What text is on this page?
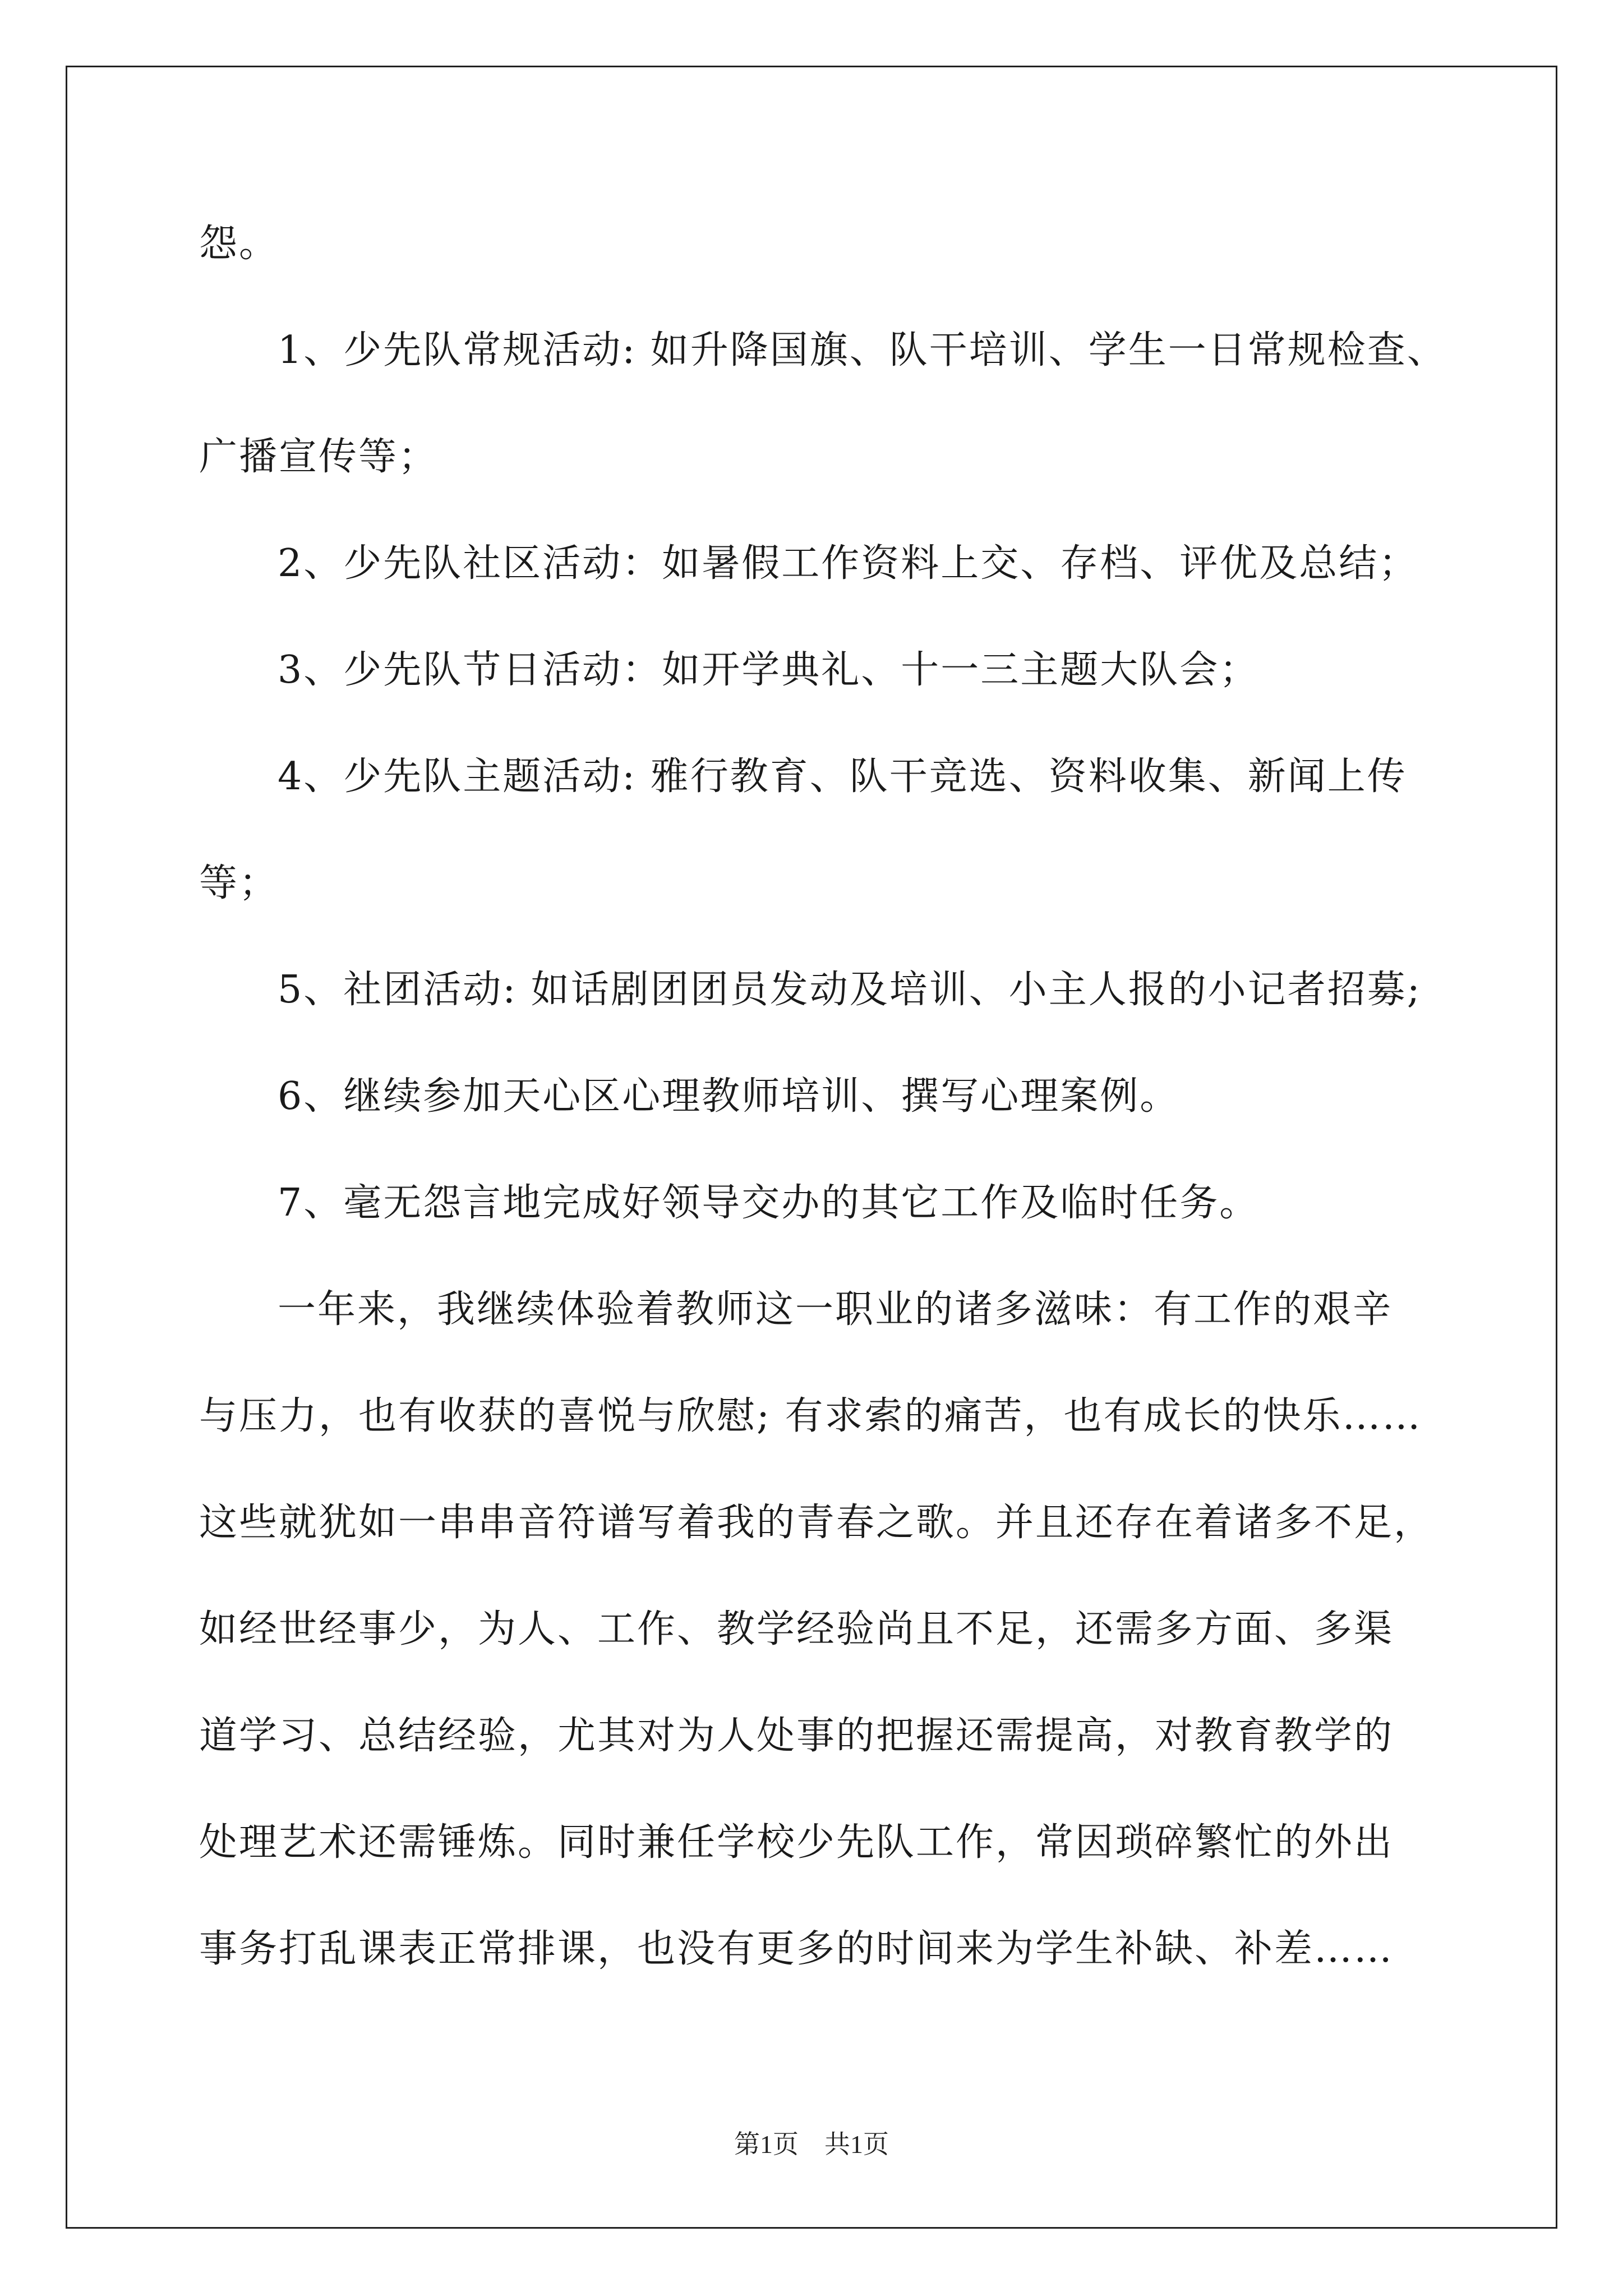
怨。
1、少先队常规活动: 如升降国旗、队干培训、学生一日常规检查、
广播宣传等；
2、少先队社区活动：如暑假工作资料上交、存档、评优及总结；
3、少先队节日活动：如开学典礼、十一三主题大队会；
4、少先队主题活动: 雅行教育、队干竞选、资料收集、新闻上传
等；
5、社团活动: 如话剧团团员发动及培训、小主人报的小记者招募;
6、继续参加天心区心理教师培训、撰写心理案例。
7、毫无怨言地完成好领导交办的其它工作及临时任务。
一年来，我继续体验着教师这一职业的诸多滋味：有工作的艰辛
与压力，也有收获的喜悦与欣慰; 有求索的痛苦，也有成长的快乐……
这些就犹如一串串音符谱写着我的青春之歌。并且还存在着诸多不足，
如经世经事少，为人、工作、教学经验尚且不足，还需多方面、多渠
道学习、总结经验，尤其对为人处事的把握还需提高，对教育教学的
处理艺术还需锤炼。同时兼任学校少先队工作，常因琐碎繁忙的外出
事务打乱课表正常排课，也没有更多的时间来为学生补缺、补差……
第1页　共1页
